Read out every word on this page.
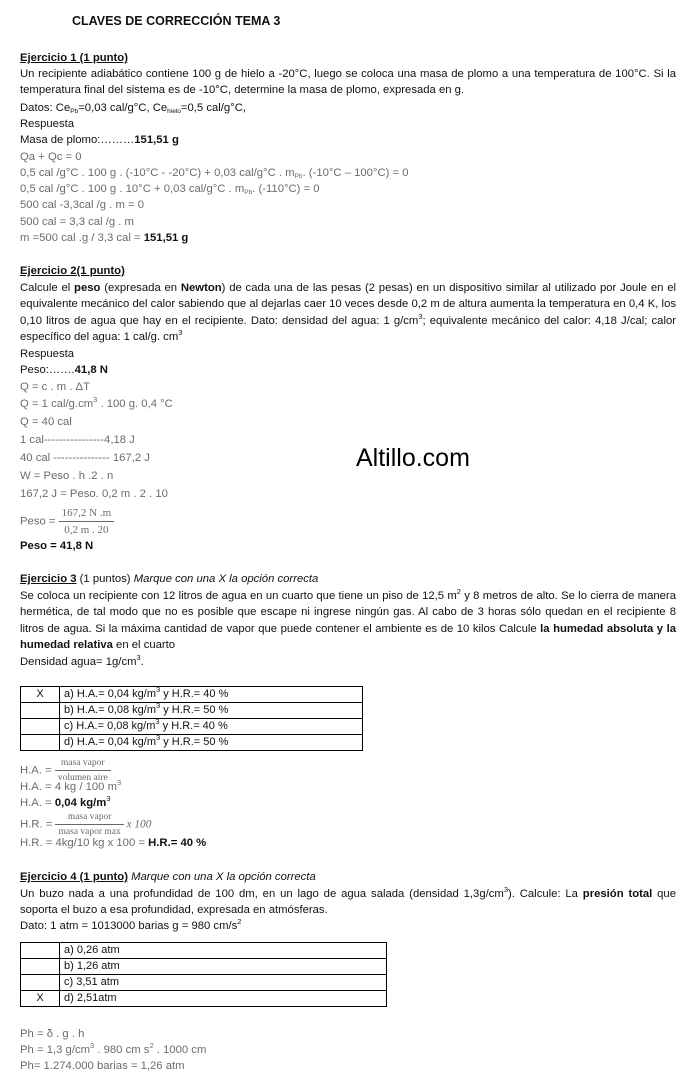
CLAVES DE CORRECCIÓN TEMA 3
Ejercicio 1 (1 punto)
Un recipiente adiabático contiene 100 g de hielo a -20°C, luego se coloca una masa de plomo a una temperatura de 100°C. Si la temperatura final del sistema es de -10°C, determine la masa de plomo, expresada en g.
Datos: $Ce_{Pb}=0,03$ cal/g°C, $Ce_{hielo}=0,5$ cal/g°C,
Respuesta
Masa de plomo:………151,51 g
Qa + Qc = 0
0,5 cal /g°C . 100 g . (-10°C - -20°C) + 0,03 cal/g°C . $m_{Pb}$. (-10°C – 100°C) = 0
0,5 cal /g°C . 100 g . 10°C + 0,03 cal/g°C . $m_{Pb}$. (-110°C) = 0
500 cal -3,3cal /g . m = 0
500 cal = 3,3 cal /g . m
m =500 cal .g / 3,3 cal = 151,51 g
Ejercicio 2(1 punto)
Calcule el peso (expresada en Newton) de cada una de las pesas (2 pesas) en un dispositivo similar al utilizado por Joule en el equivalente mecánico del calor sabiendo que al dejarlas caer 10 veces desde 0,2 m de altura aumenta la temperatura en 0,4 K, los 0,10 litros de agua que hay en el recipiente. Dato: densidad del agua: 1 $g/cm^3$; equivalente mecánico del calor: 4,18 J/cal; calor específico del agua: 1 cal/g. $cm^3$
Respuesta
Peso:…….41,8 N
Q = c . m . ΔT
Q = 1 cal/$g.cm^3$ . 100 g. 0,4 °C
Q = 40 cal
1 cal----------------4,18 J
40 cal --------------- 167,2 J
W = Peso . h .2 . n
167,2 J = Peso. 0,2 m . 2 . 10
Peso = $\frac{167,2 N .m}{0,2 m . 20}$
Peso = 41,8 N
Altillo.com
Ejercicio 3 (1 puntos) Marque con una X la opción correcta
Se coloca un recipiente con 12 litros de agua en un cuarto que tiene un piso de 12,5 $m^2$ y 8 metros de alto. Se lo cierra de manera hermética, de tal modo que no es posible que escape ni ingrese ningún gas. Al cabo de 3 horas sólo quedan en el recipiente 8 litros de agua. Si la máxima cantidad de vapor que puede contener el ambiente es de 10 kilos Calcule la humedad absoluta y la humedad relativa en el cuarto
Densidad agua= $1g/cm^3$.
X	a) H.A.= 0,04 $kg/m^3$ y H.R.= 40 %
	b) H.A.= 0,08 $kg/m^3$ y H.R.= 50 %
	c) H.A.= 0,08 $kg/m^3$ y H.R.= 40 %
	d) H.A.= 0,04 $kg/m^3$ y H.R.= 50 %
H.A. = $\frac{\text{masa vapor}}{\text{volumen aire}}$
H.A. = 4 kg / 100 $m^3$
H.A. = 0,04 $kg/m^3$
H.R. = $\frac{\text{masa vapor}}{\text{masa vapor max}}$ x 100
H.R. = 4kg/10 kg x 100 = H.R.= 40 %
Ejercicio 4 (1 punto) Marque con una X la opción correcta
Un buzo nada a una profundidad de 100 dm, en un lago de agua salada (densidad $1,3g/cm^3$). Calcule: La presión total que soporta el buzo a esa profundidad, expresada en atmósferas.
Dato: 1 atm = 1013000 barias g = 980 $cm/s^2$
	a) 0,26 atm
	b) 1,26 atm
	c) 3,51 atm
X	d) 2,51atm
Ph = δ . g . h
Ph = 1,3 $g/cm^3$ . 980 cm $s^2$ . 1000 cm
Ph= 1.274.000 barias = 1,26 atm
